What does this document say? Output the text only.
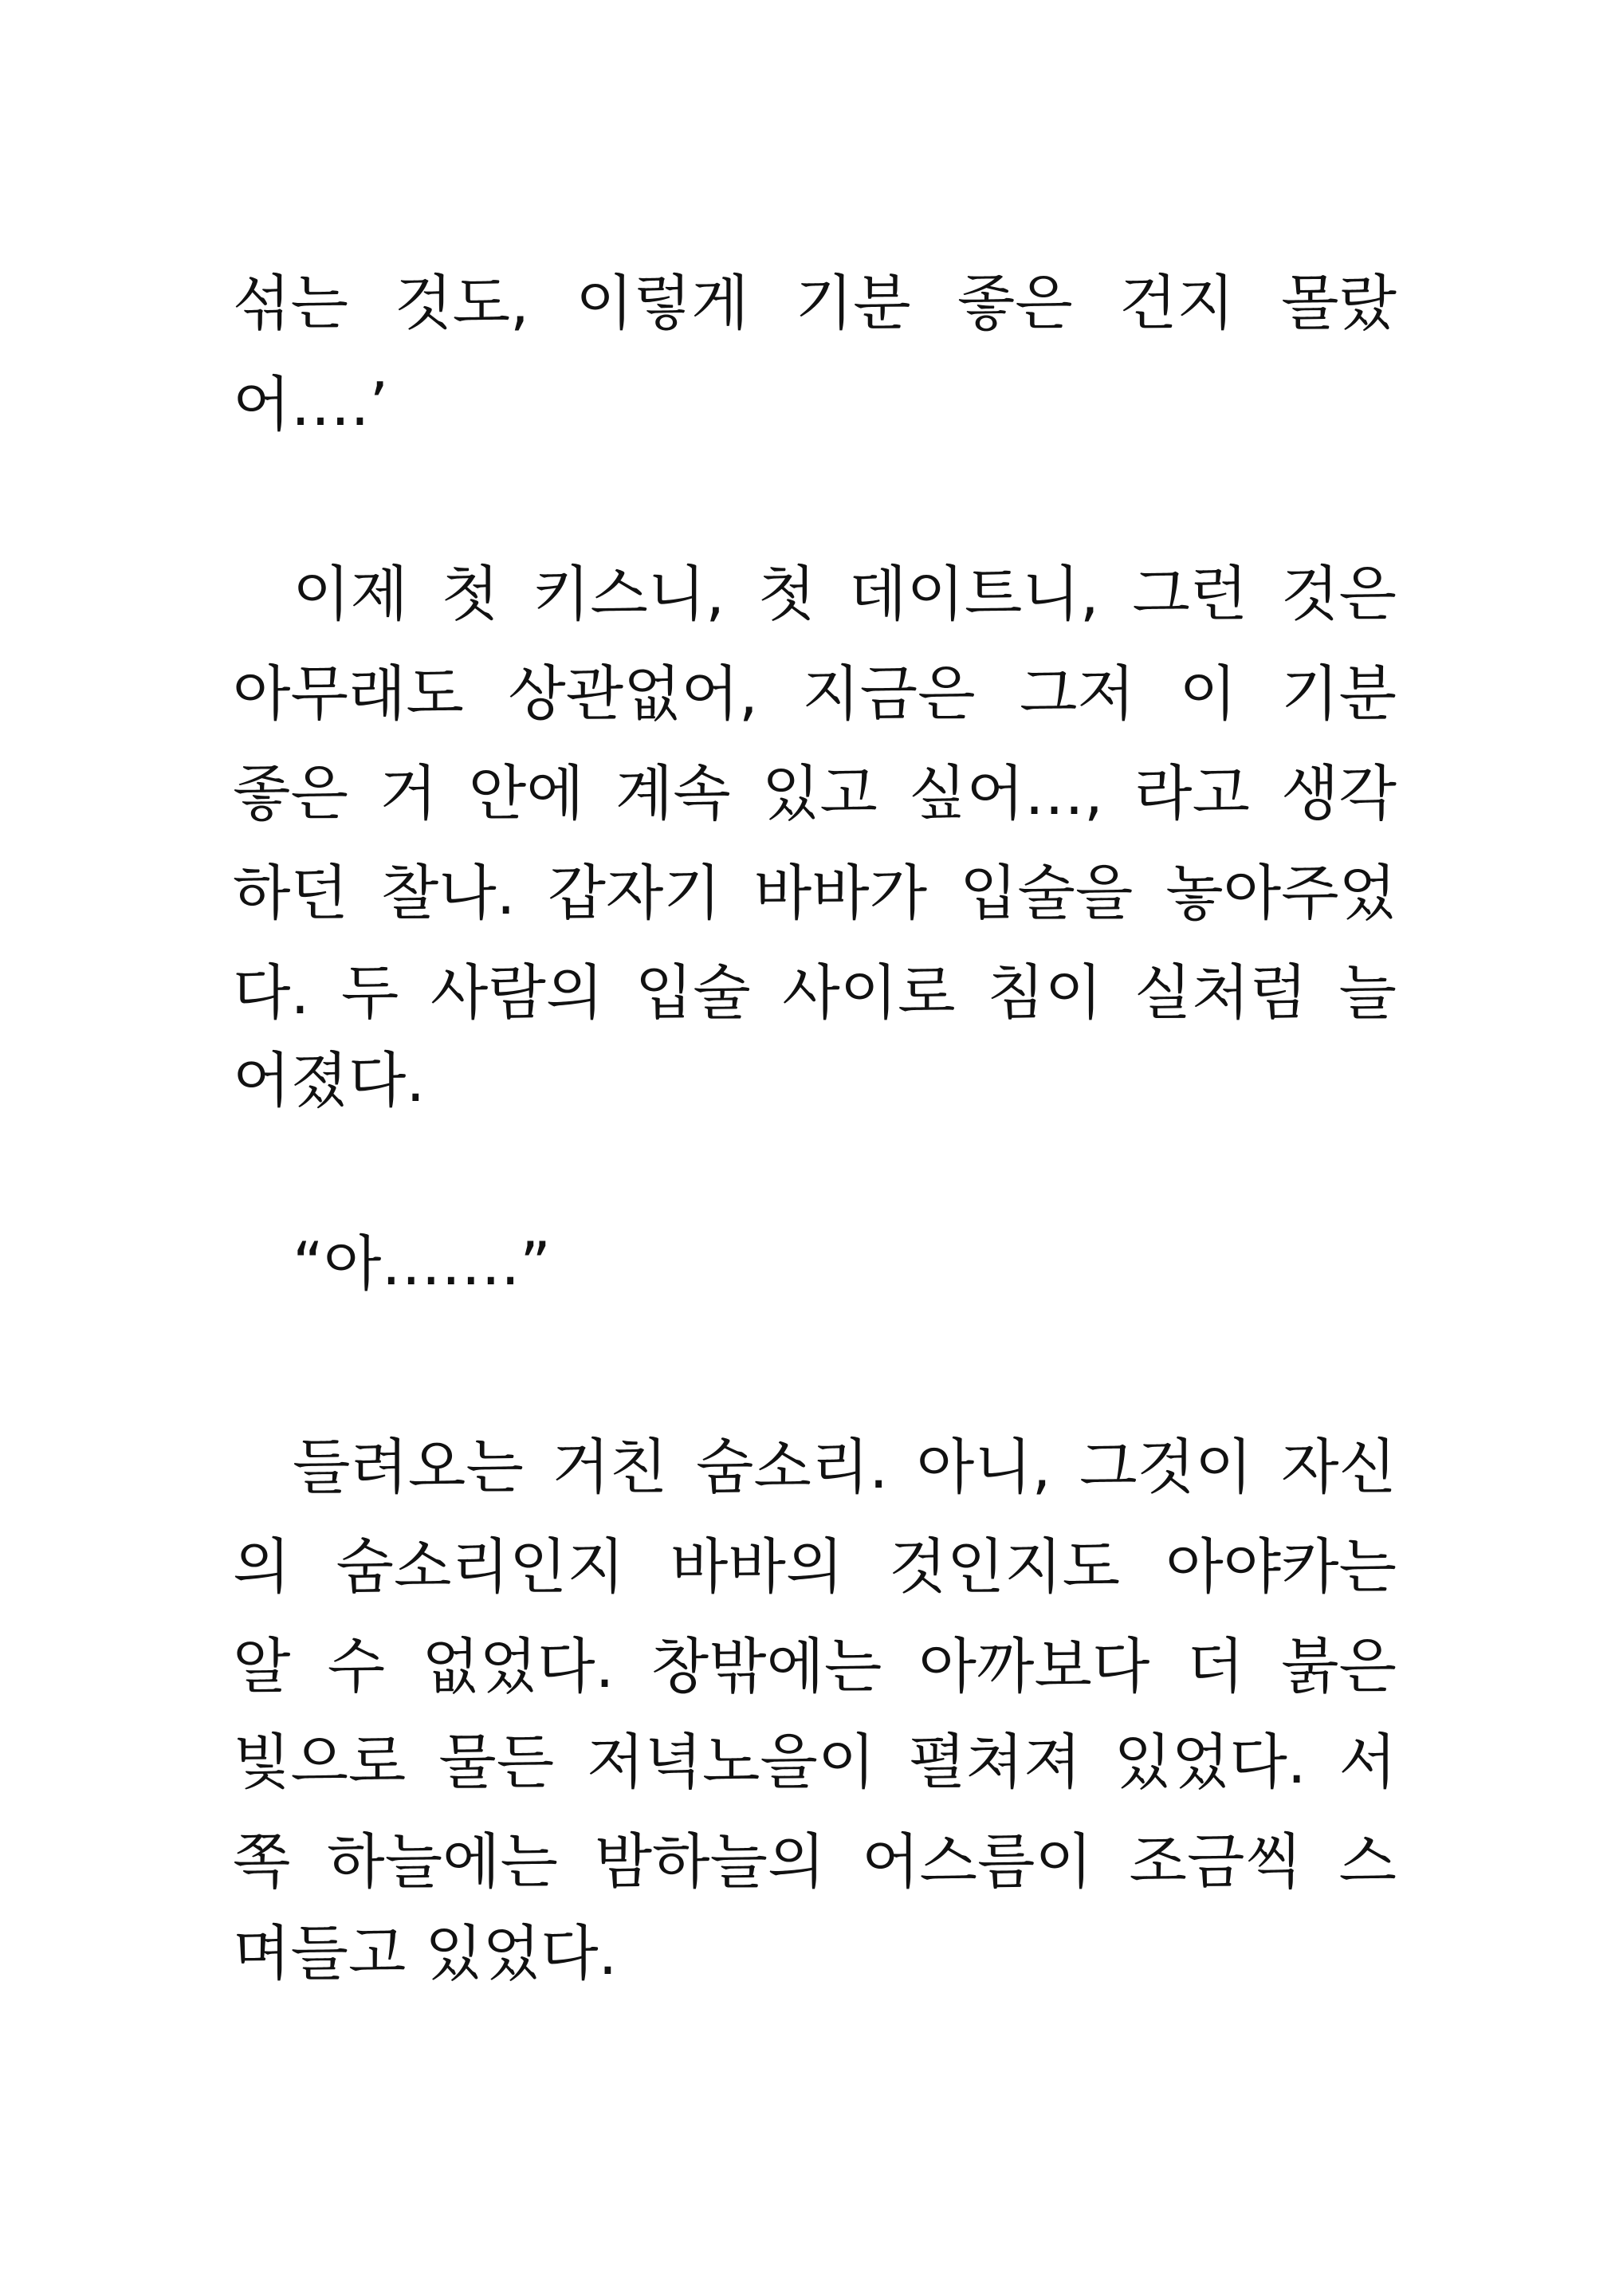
섞는 것도, 이렇게 기분 좋은 건지 몰랐
어….’
이제 첫 키스니, 첫 데이트니, 그런 것은
아무래도 상관없어, 지금은 그저 이 기분
좋은 거 안에 계속 있고 싶어…, 라고 생각
하던 찰나. 갑자기 바바가 입술을 놓아주었
다. 두 사람의 입술 사이로 침이 실처럼 늘
어졌다.
“아…….”
들려오는 거친 숨소리. 아니, 그것이 자신
의 숨소리인지 바바의 것인지도 아야카는
알 수 없었다. 창밖에는 아까보다 더 붉은
빛으로 물든 저녁노을이 펼쳐져 있었다. 서
쪽 하늘에는 밤하늘의 어스름이 조금씩 스
며들고 있었다.
